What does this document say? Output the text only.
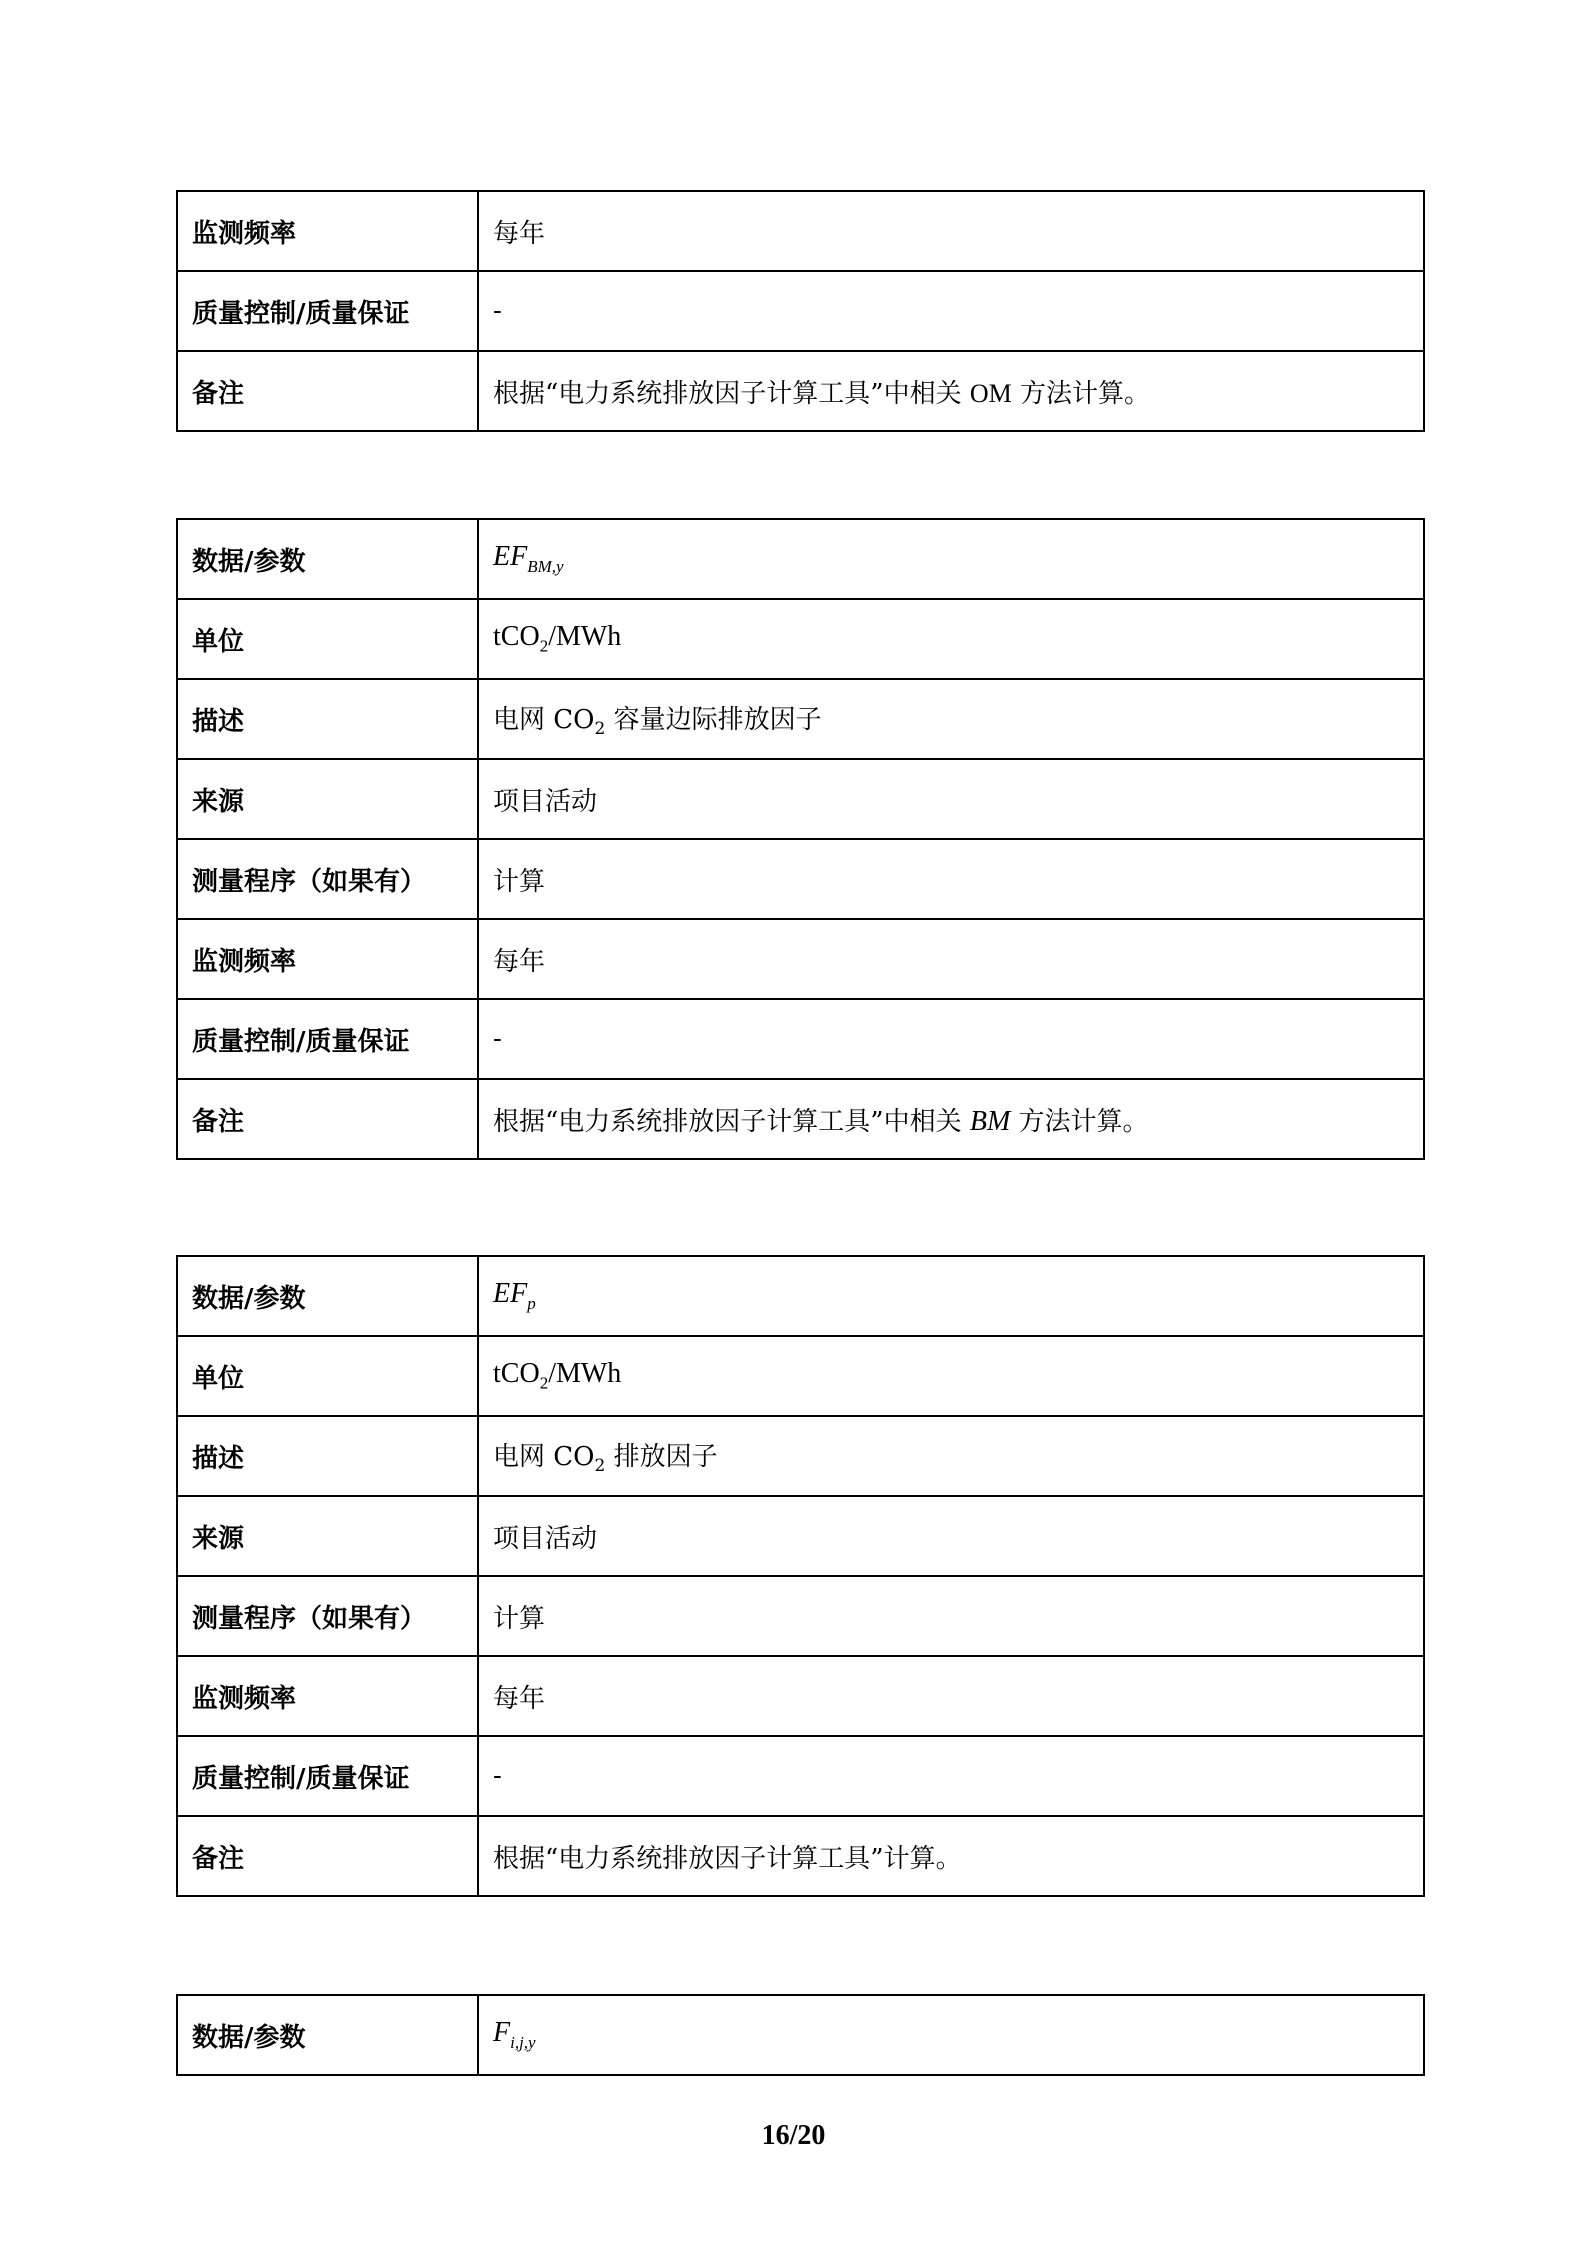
监测频率	每年
质量控制/质量保证	-
备注	根据“电力系统排放因子计算工具”中相关 OM 方法计算。
数据/参数	$EF_{BM,y}$
单位	tCO$_2$/MWh
描述	电网 $CO_2$ 容量边际排放因子
来源	项目活动
测量程序（如果有）	计算
监测频率	每年
质量控制/质量保证	-
备注	根据“电力系统排放因子计算工具”中相关 BM 方法计算。
数据/参数	$EF_p$
单位	tCO$_2$/MWh
描述	电网 $CO_2$ 排放因子
来源	项目活动
测量程序（如果有）	计算
监测频率	每年
质量控制/质量保证	-
备注	根据“电力系统排放因子计算工具”计算。
数据/参数	$F_{i,j,y}$
16/20
